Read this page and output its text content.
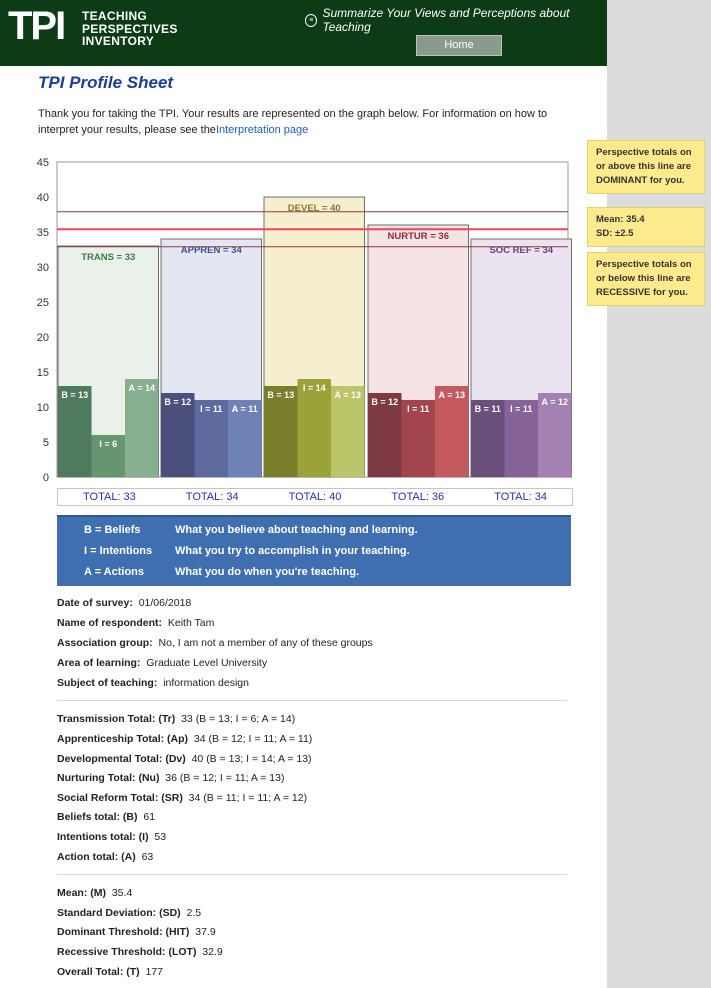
TPI TEACHING
PERSPECTIVES
INVENTORY
≡ Summarize Your Views and Perceptions about Teaching
Home
TPI Profile Sheet
Thank you for taking the TPI. Your results are represented on the graph below. For information on how to interpret your results, please see theInterpretation page
0
5
10
15
20
25
30
35
40
45
B = 13
I = 6
A = 14
TRANS = 33
B = 12
I = 11 A = 11
APPREN = 34
B = 13
I = 14
A = 13
DEVEL = 40
B = 12
I = 11
A = 13
NURTUR = 36
B = 11 I = 11
A = 12
SOC REF = 34
TOTAL: 33	TOTAL: 34	TOTAL: 40	TOTAL: 36	TOTAL: 34
B = Beliefs	What you believe about teaching and learning.
I = Intentions What you try to accomplish in your teaching.
A = Actions	What you do when you're teaching.
Date of survey: 01/06/2018
Name of respondent: Keith Tam
Association group: No, I am not a member of any of these groups
Area of learning: Graduate Level University
Subject of teaching: information design
Transmission Total: (Tr) 33 (B = 13; I = 6; A = 14)
Apprenticeship Total: (Ap) 34 (B = 12; I = 11; A = 11)
Developmental Total: (Dv) 40 (B = 13; I = 14; A = 13)
Nurturing Total: (Nu) 36 (B = 12; I = 11; A = 13)
Social Reform Total: (SR) 34 (B = 11; I = 11; A = 12)
Beliefs total: (B) 61
Intentions total: (I) 53
Action total: (A) 63
Mean: (M) 35.4
Standard Deviation: (SD) 2.5
Dominant Threshold: (HIT) 37.9
Recessive Threshold: (LOT) 32.9
Overall Total: (T) 177
Perspective totals on or above this line are DOMINANT for you.
Mean: 35.4
SD: ±2.5
Perspective totals on or below this line are RECESSIVE for you.
